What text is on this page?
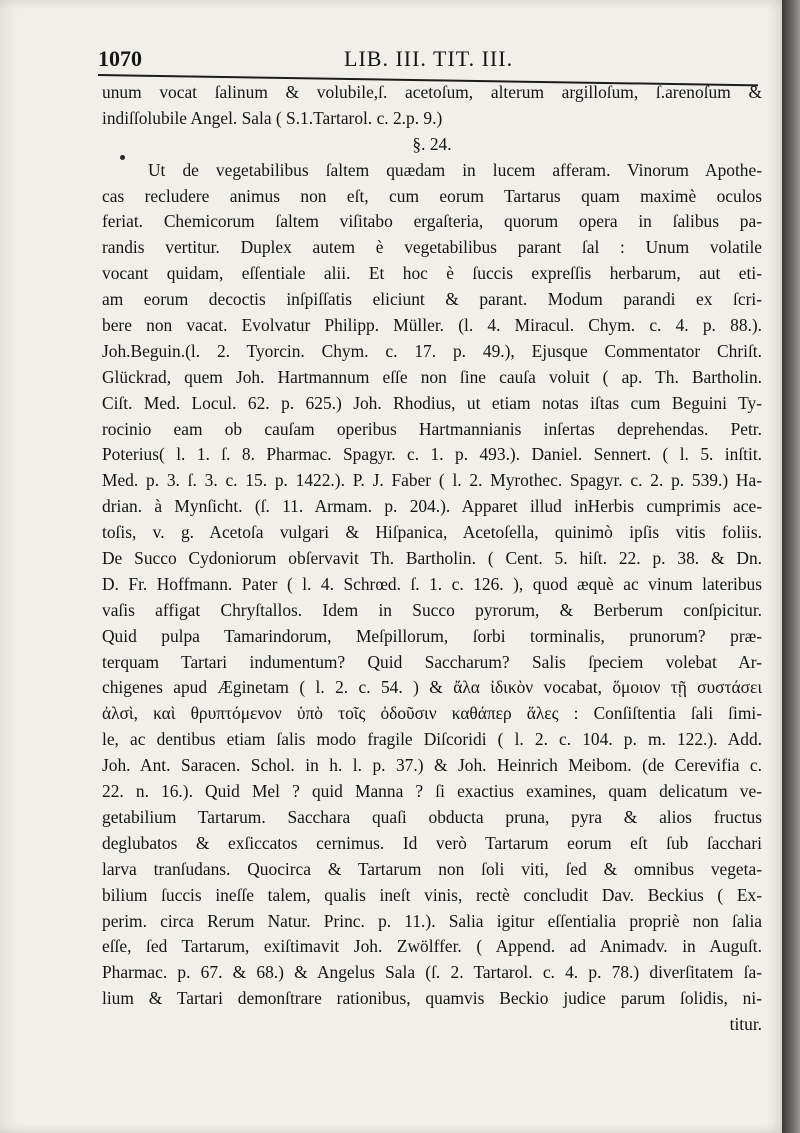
1070	LIB. III. TIT. III.
unum vocat ſalinum & volubile,ſ. acetoſum, alterum argilloſum, ſ.arenoſum &
indiſſolubile Angel. Sala ( S.1.Tartarol. c. 2.p. 9.)
§. 24.
Ut de vegetabilibus ſaltem quædam in lucem afferam. Vinorum Apothe-
cas recludere animus non eſt, cum eorum Tartarus quam maximè oculos
feriat. Chemicorum ſaltem viſitabo ergaſteria, quorum opera in ſalibus pa-
randis vertitur. Duplex autem è vegetabilibus parant ſal : Unum volatile
vocant quidam, eſſentiale alii. Et hoc è ſuccis expreſſis herbarum, aut eti-
am eorum decoctis inſpiſſatis eliciunt & parant. Modum parandi ex ſcri-
bere non vacat. Evolvatur Philipp. Müller. (l. 4. Miracul. Chym. c. 4. p. 88.).
Joh.Beguin.(l. 2. Tyorcin. Chym. c. 17. p. 49.), Ejusque Commentator Chriſt.
Glückrad, quem Joh. Hartmannum eſſe non ſine cauſa voluit ( ap. Th. Bartholin.
Ciſt. Med. Locul. 62. p. 625.) Joh. Rhodius, ut etiam notas iſtas cum Beguini Ty-
rocinio eam ob cauſam operibus Hartmannianis inſertas deprehendas. Petr.
Poterius( l. 1. ſ. 8. Pharmac. Spagyr. c. 1. p. 493.). Daniel. Sennert. ( l. 5. inſtit.
Med. p. 3. ſ. 3. c. 15. p. 1422.). P. J. Faber ( l. 2. Myrothec. Spagyr. c. 2. p. 539.) Ha-
drian. à Mynſicht. (ſ. 11. Armam. p. 204.). Apparet illud inHerbis cumprimis ace-
toſis, v. g. Acetoſa vulgari & Hiſpanica, Acetoſella, quinimò ipſis vitis foliis.
De Succo Cydoniorum obſervavit Th. Bartholin. ( Cent. 5. hiſt. 22. p. 38. & Dn.
D. Fr. Hoffmann. Pater ( l. 4. Schrœd. ſ. 1. c. 126. ), quod æquè ac vinum lateribus
vaſis affigat Chryſtallos. Idem in Succo pyrorum, & Berberum conſpicitur.
Quid pulpa Tamarindorum, Meſpillorum, ſorbi torminalis, prunorum? præ-
terquam Tartari indumentum? Quid Saccharum? Salis ſpeciem volebat Ar-
chigenes apud Æginetam ( l. 2. c. 54. ) & ἄλα ἰδικὸν vocabat, ὅμοιον τῇ συστάσει
ἀλσὶ, καὶ θρυπτόμενον ὑπὸ τοῖς ὀδοῦσιν καθάπερ ἅλες : Conſiſtentia ſali ſimi-
le, ac dentibus etiam ſalis modo fragile Diſcoridi ( l. 2. c. 104. p. m. 122.). Add.
Joh. Ant. Saracen. Schol. in h. l. p. 37.) & Joh. Heinrich Meibom. (de Cerevifia c.
22. n. 16.). Quid Mel ? quid Manna ? ſi exactius examines, quam delicatum ve-
getabilium Tartarum. Sacchara quaſi obducta pruna, pyra & alios fructus
deglubatos & exſiccatos cernimus. Id verò Tartarum eorum eſt ſub ſacchari
larva tranſudans. Quocirca & Tartarum non ſoli viti, ſed & omnibus vegeta-
bilium ſuccis ineſſe talem, qualis ineſt vinis, rectè concludit Dav. Beckius ( Ex-
perim. circa Rerum Natur. Princ. p. 11.). Salia igitur eſſentialia propriè non ſalia
eſſe, ſed Tartarum, exiſtimavit Joh. Zwölffer. ( Append. ad Animadv. in Auguſt.
Pharmac. p. 67. & 68.) & Angelus Sala (ſ. 2. Tartarol. c. 4. p. 78.) diverſitatem ſa-
lium & Tartari demonſtrare rationibus, quamvis Beckio judice parum ſolidis, ni-
titur.
